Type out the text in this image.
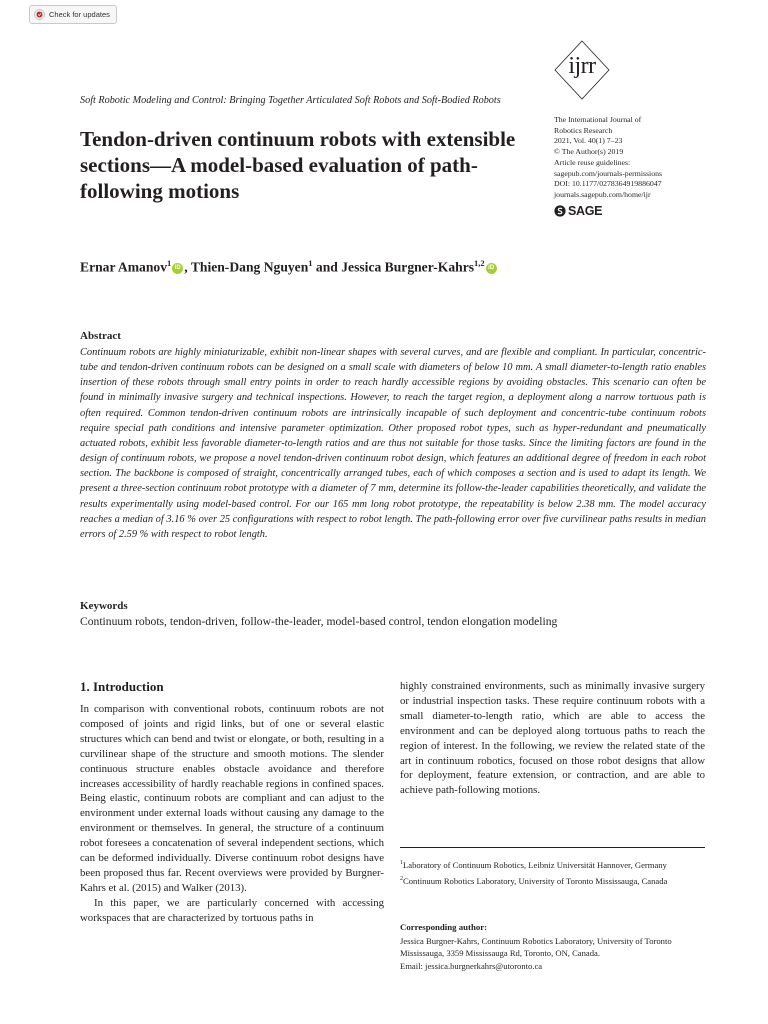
Check for updates
Soft Robotic Modeling and Control: Bringing Together Articulated Soft Robots and Soft-Bodied Robots
ijrr
Tendon-driven continuum robots with extensible sections—A model-based evaluation of path-following motions
The International Journal of
Robotics Research
2021, Vol. 40(1) 7–23
© The Author(s) 2019
Article reuse guidelines:
sagepub.com/journals-permissions
DOI: 10.1177/0278364919886047
journals.sagepub.com/home/ijr
SAGE
Ernar Amanov$^1$ iD , Thien-Dang Nguyen$^1$ and Jessica Burgner-Kahrs$^{1,2}$ iD
Abstract

Continuum robots are highly miniaturizable, exhibit non-linear shapes with several curves, and are flexible and compliant. In particular, concentric-tube and tendon-driven continuum robots can be designed on a small scale with diameters of below 10 mm. A small diameter-to-length ratio enables insertion of these robots through small entry points in order to reach hardly accessible regions by avoiding obstacles. This scenario can often be found in minimally invasive surgery and technical inspections. However, to reach the target region, a deployment along a narrow tortuous path is often required. Common tendon-driven continuum robots are intrinsically incapable of such deployment and concentric-tube continuum robots require special path conditions and intensive parameter optimization. Other proposed robot types, such as hyper-redundant and pneumatically actuated robots, exhibit less favorable diameter-to-length ratios and are thus not suitable for those tasks. Since the limiting factors are found in the design of continuum robots, we propose a novel tendon-driven continuum robot design, which features an additional degree of freedom in each robot section. The backbone is composed of straight, concentrically arranged tubes, each of which composes a section and is used to adapt its length. We present a three-section continuum robot prototype with a diameter of 7 mm, determine its follow-the-leader capabilities theoretically, and validate the results experimentally using model-based control. For our 165 mm long robot prototype, the repeatability is below 2.38 mm. The model accuracy reaches a median of 3.16 % over 25 configurations with respect to robot length. The path-following error over five curvilinear paths results in median errors of 2.59 % with respect to robot length.

Keywords
Continuum robots, tendon-driven, follow-the-leader, model-based control, tendon elongation modeling
1. Introduction

In comparison with conventional robots, continuum robots are not composed of joints and rigid links, but of one or several elastic structures which can bend and twist or elongate, or both, resulting in a curvilinear shape of the structure and smooth motions. The slender continuous structure enables obstacle avoidance and therefore increases accessibility of hardly reachable regions in confined spaces. Being elastic, continuum robots are compliant and can adjust to the environment under external loads without causing any damage to the environment or themselves. In general, the structure of a continuum robot foresees a concatenation of several independent sections, which can be deformed individually. Diverse continuum robot designs have been proposed thus far. Recent overviews were provided by Burgner-Kahrs et al. (2015) and Walker (2013).

In this paper, we are particularly concerned with accessing workspaces that are characterized by tortuous paths in

highly constrained environments, such as minimally invasive surgery or industrial inspection tasks. These require continuum robots with a small diameter-to-length ratio, which are able to access the environment and can be deployed along tortuous paths to reach the region of interest. In the following, we review the related state of the art in continuum robotics, focused on those robot designs that allow for deployment, feature extension, or contraction, and are able to achieve path-following motions.

$^1$Laboratory of Continuum Robotics, Leibniz Universität Hannover, Germany
$^2$Continuum Robotics Laboratory, University of Toronto Mississauga, Canada
Corresponding author:
Jessica Burgner-Kahrs, Continuum Robotics Laboratory, University of Toronto Mississauga, 3359 Mississauga Rd, Toronto, ON, Canada.
Email: jessica.burgnerkahrs@utoronto.ca
